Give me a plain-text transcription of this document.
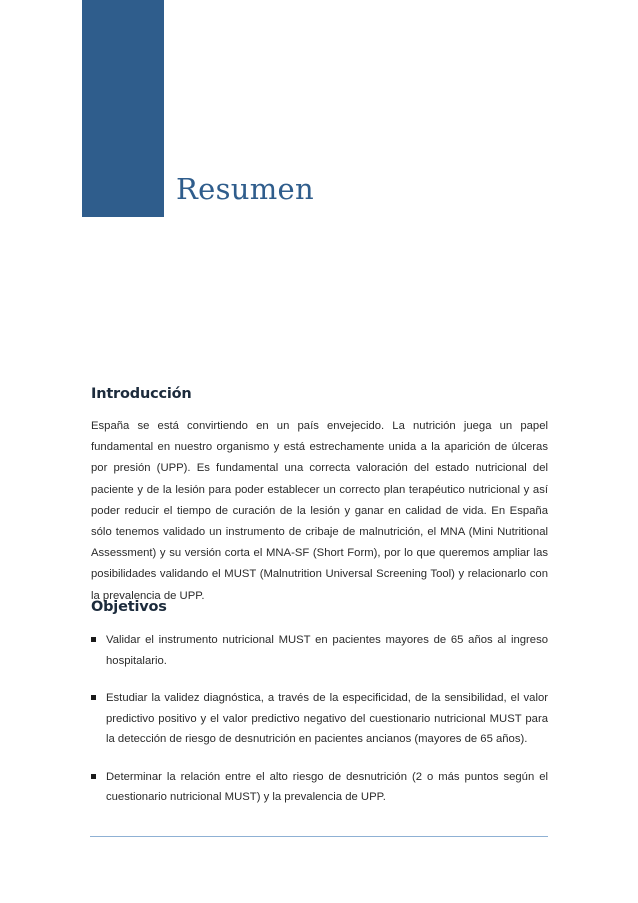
Resumen
Introducción

España se está convirtiendo en un país envejecido. La nutrición juega un papel fundamental en nuestro organismo y está estrechamente unida a la aparición de úlceras por presión (UPP). Es fundamental una correcta valoración del estado nutricional del paciente y de la lesión para poder establecer un correcto plan terapéutico nutricional y así poder reducir el tiempo de curación de la lesión y ganar en calidad de vida. En España sólo tenemos validado un instrumento de cribaje de malnutrición, el MNA (Mini Nutritional Assessment) y su versión corta el MNA-SF (Short Form), por lo que queremos ampliar las posibilidades validando el MUST (Malnutrition Universal Screening Tool) y relacionarlo con la prevalencia de UPP.

Objetivos
Validar el instrumento nutricional MUST en pacientes mayores de 65 años al ingreso hospitalario.
Estudiar la validez diagnóstica, a través de la especificidad, de la sensibilidad, el valor predictivo positivo y el valor predictivo negativo del cuestionario nutricional MUST para la detección de riesgo de desnutrición en pacientes ancianos (mayores de 65 años).
Determinar la relación entre el alto riesgo de desnutrición (2 o más puntos según el cuestionario nutricional MUST) y la prevalencia de UPP.
